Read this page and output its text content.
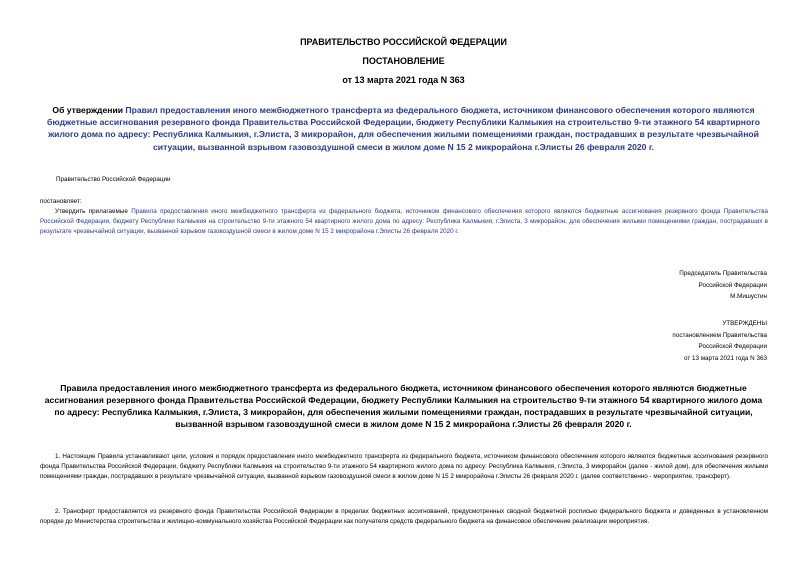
ПРАВИТЕЛЬСТВО РОССИЙСКОЙ ФЕДЕРАЦИИ
ПОСТАНОВЛЕНИЕ
от 13 марта 2021 года N 363
Об утверждении Правил предоставления иного межбюджетного трансферта из федерального бюджета, источником финансового обеспечения которого являются бюджетные ассигнования резервного фонда Правительства Российской Федерации, бюджету Республики Калмыкия на строительство 9-ти этажного 54 квартирного жилого дома по адресу: Республика Калмыкия, г.Элиста, 3 микрорайон, для обеспечения жилыми помещениями граждан, пострадавших в результате чрезвычайной ситуации, вызванной взрывом газовоздушной смеси в жилом доме N 15 2 микрорайона г.Элисты 26 февраля 2020 г.
Правительство Российской Федерации
постановляет:
Утвердить прилагаемые Правила предоставления иного межбюджетного трансферта из федерального бюджета, источником финансового обеспечения которого являются бюджетные ассигнования резервного фонда Правительства Российской Федерации, бюджету Республики Калмыкия на строительство 9-ти этажного 54 квартирного жилого дома по адресу: Республика Калмыкия, г.Элиста, 3 микрорайон, для обеспечения жилыми помещениями граждан, пострадавших в результате чрезвычайной ситуации, вызванной взрывом газовоздушной смеси в жилом доме N 15 2 микрорайона г.Элисты 26 февраля 2020 г.
Председатель Правительства
Российской Федерации
М.Мишустин
УТВЕРЖДЕНЫ
постановлением Правительства
Российской Федерации
от 13 марта 2021 года N 363
Правила предоставления иного межбюджетного трансферта из федерального бюджета, источником финансового обеспечения которого являются бюджетные ассигнования резервного фонда Правительства Российской Федерации, бюджету Республики Калмыкия на строительство 9-ти этажного 54 квартирного жилого дома по адресу: Республика Калмыкия, г.Элиста, 3 микрорайон, для обеспечения жилыми помещениями граждан, пострадавших в результате чрезвычайной ситуации, вызванной взрывом газовоздушной смеси в жилом доме N 15 2 микрорайона г.Элисты 26 февраля 2020 г.
1. Настоящие Правила устанавливают цели, условия и порядок предоставления иного межбюджетного трансферта из федерального бюджета, источником финансового обеспечения которого являются бюджетные ассигнования резервного фонда Правительства Российской Федерации, бюджету Республики Калмыкия на строительство 9-ти этажного 54 квартирного жилого дома по адресу: Республика Калмыкия, г.Элиста, 3 микрорайон (далее - жилой дом), для обеспечения жилыми помещениями граждан, пострадавших в результате чрезвычайной ситуации, вызванной взрывом газовоздушной смеси в жилом доме N 15 2 микрорайона г.Элисты 26 февраля 2020 г. (далее соответственно - мероприятие, трансферт).
2. Трансферт предоставляется из резервного фонда Правительства Российской Федерации в пределах бюджетных ассигнований, предусмотренных сводной бюджетной росписью федерального бюджета и доведенных в установленном порядке до Министерства строительства и жилищно-коммунального хозяйства Российской Федерации как получателя средств федерального бюджета на финансовое обеспечение реализации мероприятия.
